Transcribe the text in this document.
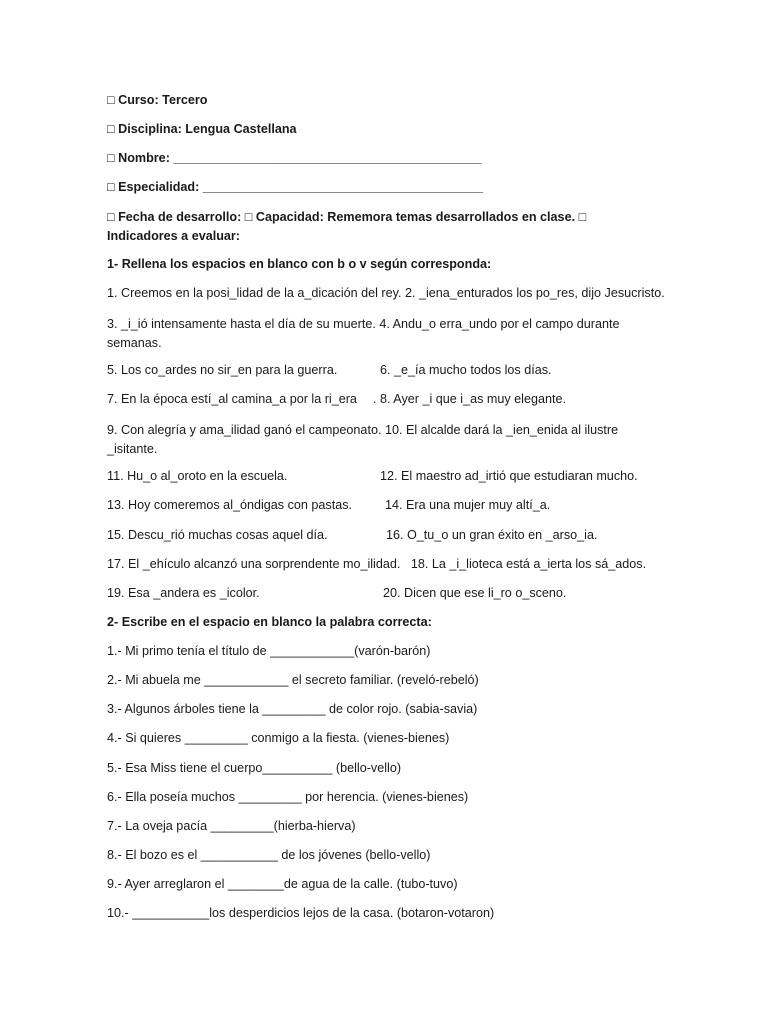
□ Curso: Tercero
□ Disciplina: Lengua Castellana
□ Nombre: ____________________________________________
□ Especialidad: ________________________________________
□ Fecha de desarrollo: □ Capacidad: Rememora temas desarrollados en clase. □ Indicadores a evaluar:
1- Rellena los espacios en blanco con b o v según corresponda:
1. Creemos en la posi_lidad de la a_dicación del rey. 2. _iena_enturados los po_res, dijo Jesucristo.
3. _i_ió intensamente hasta el día de su muerte. 4. Andu_o erra_undo por el campo durante semanas.
5. Los co_ardes no sir_en para la guerra.	6. _e_ía mucho todos los días.
7. En la época estí_al camina_a por la ri_era . 8. Ayer _i que i_as muy elegante.
9. Con alegría y ama_ilidad ganó el campeonato. 10. El alcalde dará la _ien_enida al ilustre _isitante.
11. Hu_o al_oroto en la escuela.	12. El maestro ad_irtió que estudiaran mucho.
13. Hoy comeremos al_óndigas con pastas.	14. Era una mujer muy altí_a.
15. Descu_rió muchas cosas aquel día.	16. O_tu_o un gran éxito en _arso_ia.
17. El _ehículo alcanzó una sorprendente mo_ilidad.   18. La _i_lioteca está a_ierta los sá_ados.
19. Esa _andera es _icolor.	20. Dicen que ese li_ro o_sceno.
2- Escribe en el espacio en blanco la palabra correcta:
1.- Mi primo tenía el título de ____________(varón-barón)
2.- Mi abuela me ____________ el secreto familiar. (reveló-rebeló)
3.- Algunos árboles tiene la _________ de color rojo. (sabia-savia)
4.- Si quieres _________ conmigo a la fiesta. (vienes-bienes)
5.- Esa Miss tiene el cuerpo__________ (bello-vello)
6.- Ella poseía muchos _________ por herencia. (vienes-bienes)
7.- La oveja pacía _________(hierba-hierva)
8.- El bozo es el ___________ de los jóvenes (bello-vello)
9.- Ayer arreglaron el ________de agua de la calle. (tubo-tuvo)
10.- ___________los desperdicios lejos de la casa. (botaron-votaron)
